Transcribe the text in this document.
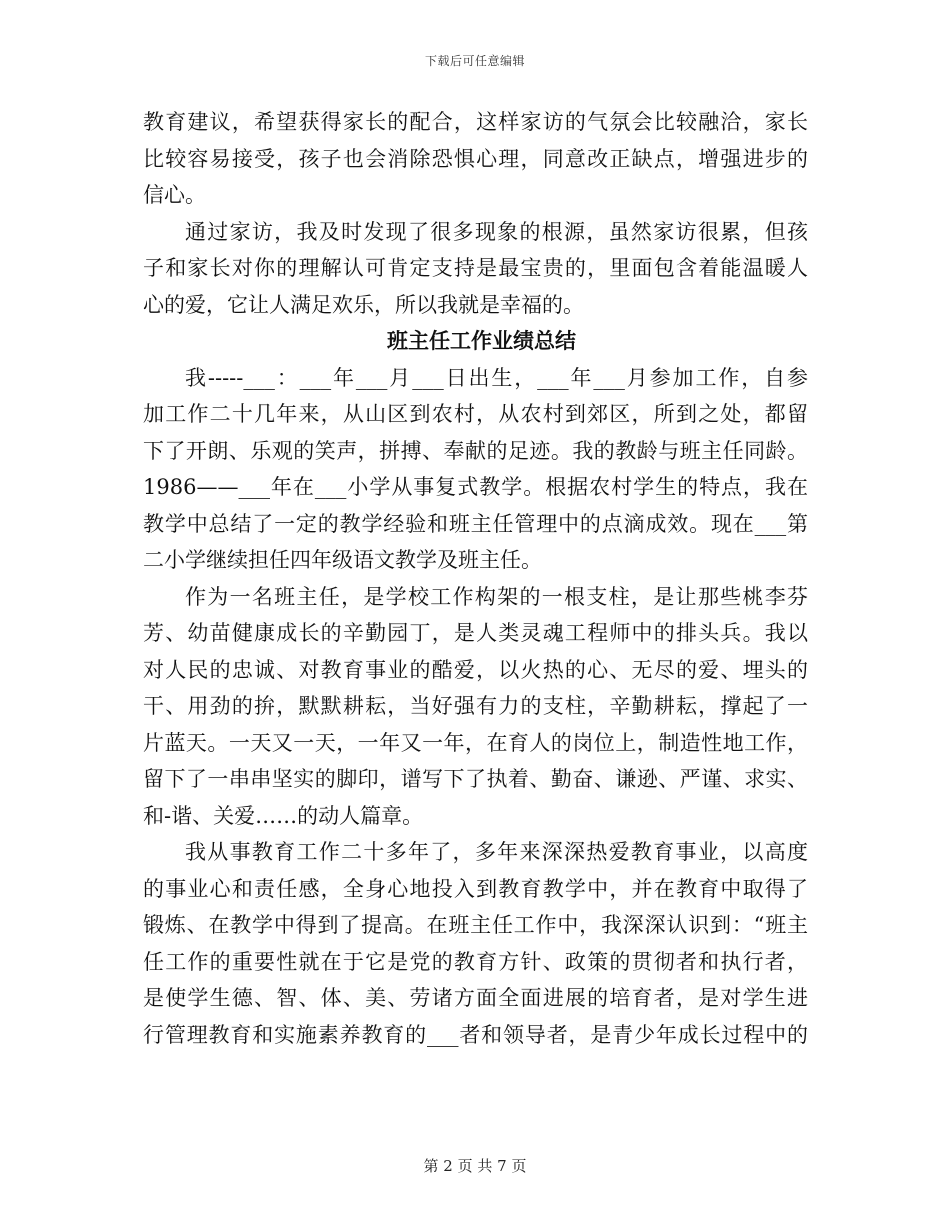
下载后可任意编辑
教育建议，希望获得家长的配合，这样家访的气氛会比较融洽，家长
比较容易接受，孩子也会消除恐惧心理，同意改正缺点，增强进步的
信心。
通过家访，我及时发现了很多现象的根源，虽然家访很累，但孩
子和家长对你的理解认可肯定支持是最宝贵的，里面包含着能温暖人
心的爱，它让人满足欢乐，所以我就是幸福的。
班主任工作业绩总结
我-----___：___年___月___日出生，___年___月参加工作，自参
加工作二十几年来，从山区到农村，从农村到郊区，所到之处，都留
下了开朗、乐观的笑声，拼搏、奉献的足迹。我的教龄与班主任同龄。
1986——___年在___小学从事复式教学。根据农村学生的特点，我在
教学中总结了一定的教学经验和班主任管理中的点滴成效。现在___第
二小学继续担任四年级语文教学及班主任。
作为一名班主任，是学校工作构架的一根支柱，是让那些桃李芬
芳、幼苗健康成长的辛勤园丁，是人类灵魂工程师中的排头兵。我以
对人民的忠诚、对教育事业的酷爱，以火热的心、无尽的爱、埋头的
干、用劲的拚，默默耕耘，当好强有力的支柱，辛勤耕耘，撑起了一
片蓝天。一天又一天，一年又一年，在育人的岗位上，制造性地工作，
留下了一串串坚实的脚印，谱写下了执着、勤奋、谦逊、严谨、求实、
和-谐、关爱……的动人篇章。
我从事教育工作二十多年了，多年来深深热爱教育事业，以高度
的事业心和责任感，全身心地投入到教育教学中，并在教育中取得了
锻炼、在教学中得到了提高。在班主任工作中，我深深认识到：“班主
任工作的重要性就在于它是党的教育方针、政策的贯彻者和执行者，
是使学生德、智、体、美、劳诸方面全面进展的培育者，是对学生进
行管理教育和实施素养教育的___者和领导者，是青少年成长过程中的
第 2 页 共 7 页
